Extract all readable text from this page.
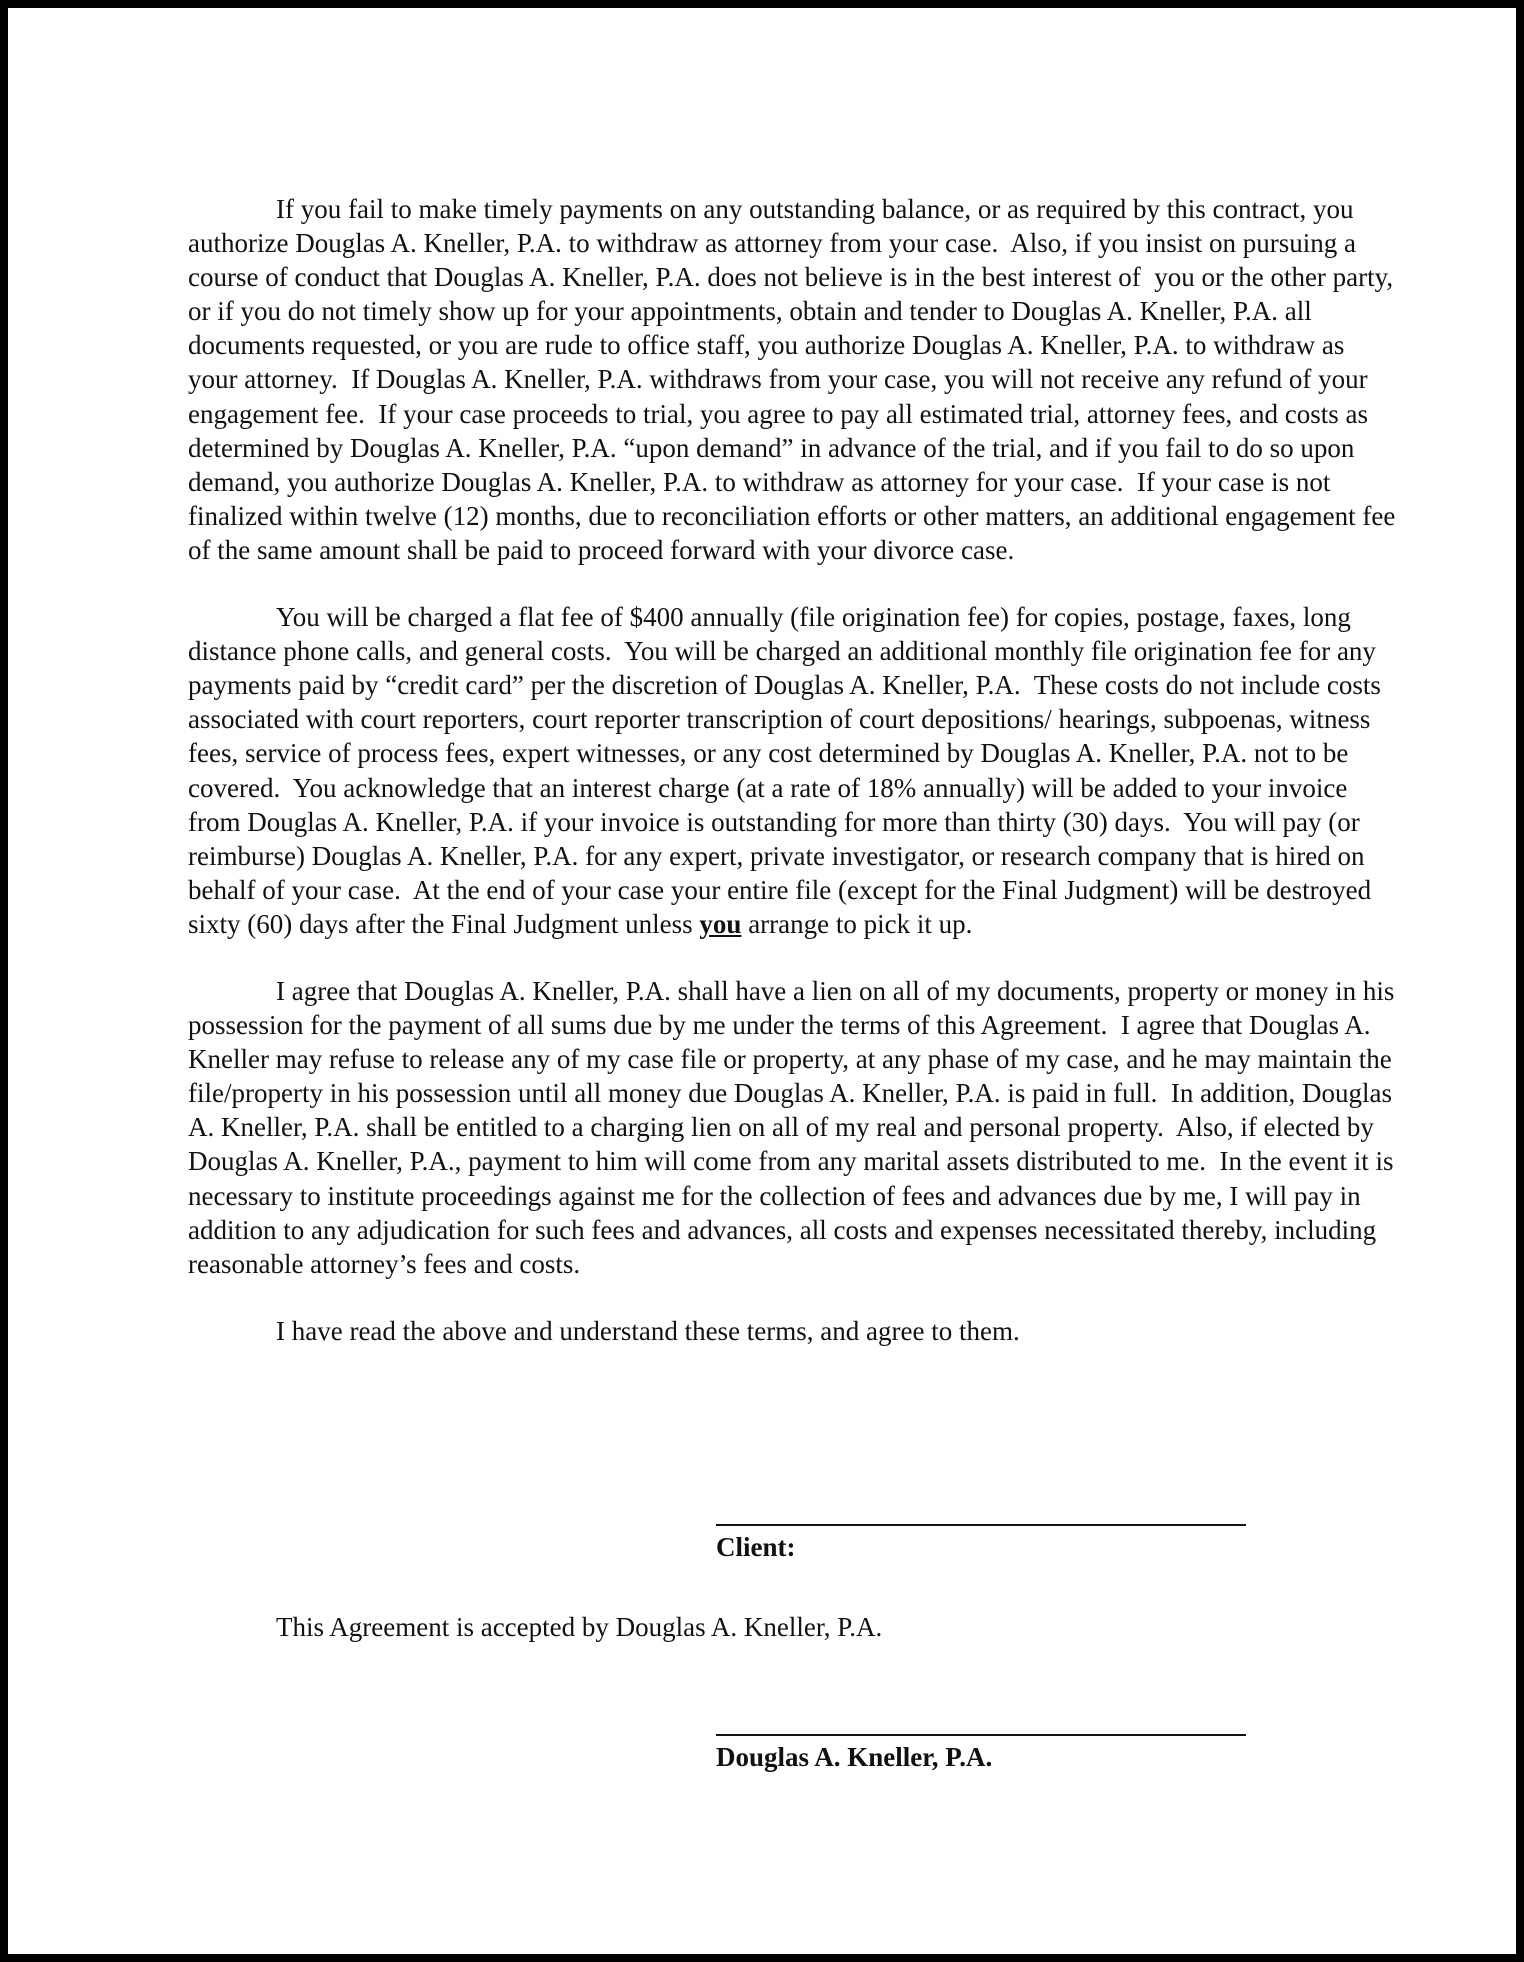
If you fail to make timely payments on any outstanding balance, or as required by this contract, you authorize Douglas A. Kneller, P.A. to withdraw as attorney from your case.  Also, if you insist on pursuing a course of conduct that Douglas A. Kneller, P.A. does not believe is in the best interest of  you or the other party, or if you do not timely show up for your appointments, obtain and tender to Douglas A. Kneller, P.A. all documents requested, or you are rude to office staff, you authorize Douglas A. Kneller, P.A. to withdraw as your attorney.  If Douglas A. Kneller, P.A. withdraws from your case, you will not receive any refund of your engagement fee.  If your case proceeds to trial, you agree to pay all estimated trial, attorney fees, and costs as determined by Douglas A. Kneller, P.A. “upon demand” in advance of the trial, and if you fail to do so upon demand, you authorize Douglas A. Kneller, P.A. to withdraw as attorney for your case.  If your case is not finalized within twelve (12) months, due to reconciliation efforts or other matters, an additional engagement fee of the same amount shall be paid to proceed forward with your divorce case.

You will be charged a flat fee of $400 annually (file origination fee) for copies, postage, faxes, long distance phone calls, and general costs.  You will be charged an additional monthly file origination fee for any payments paid by “credit card” per the discretion of Douglas A. Kneller, P.A.  These costs do not include costs associated with court reporters, court reporter transcription of court depositions/ hearings, subpoenas, witness fees, service of process fees, expert witnesses, or any cost determined by Douglas A. Kneller, P.A. not to be covered.  You acknowledge that an interest charge (at a rate of 18% annually) will be added to your invoice from Douglas A. Kneller, P.A. if your invoice is outstanding for more than thirty (30) days.  You will pay (or reimburse) Douglas A. Kneller, P.A. for any expert, private investigator, or research company that is hired on behalf of your case.  At the end of your case your entire file (except for the Final Judgment) will be destroyed sixty (60) days after the Final Judgment unless you arrange to pick it up.

I agree that Douglas A. Kneller, P.A. shall have a lien on all of my documents, property or money in his possession for the payment of all sums due by me under the terms of this Agreement.  I agree that Douglas A. Kneller may refuse to release any of my case file or property, at any phase of my case, and he may maintain the file/property in his possession until all money due Douglas A. Kneller, P.A. is paid in full.  In addition, Douglas A. Kneller, P.A. shall be entitled to a charging lien on all of my real and personal property.  Also, if elected by Douglas A. Kneller, P.A., payment to him will come from any marital assets distributed to me.  In the event it is necessary to institute proceedings against me for the collection of fees and advances due by me, I will pay in addition to any adjudication for such fees and advances, all costs and expenses necessitated thereby, including reasonable attorney’s fees and costs.

I have read the above and understand these terms, and agree to them.

Client:
This Agreement is accepted by Douglas A. Kneller, P.A.
Douglas A. Kneller, P.A.
